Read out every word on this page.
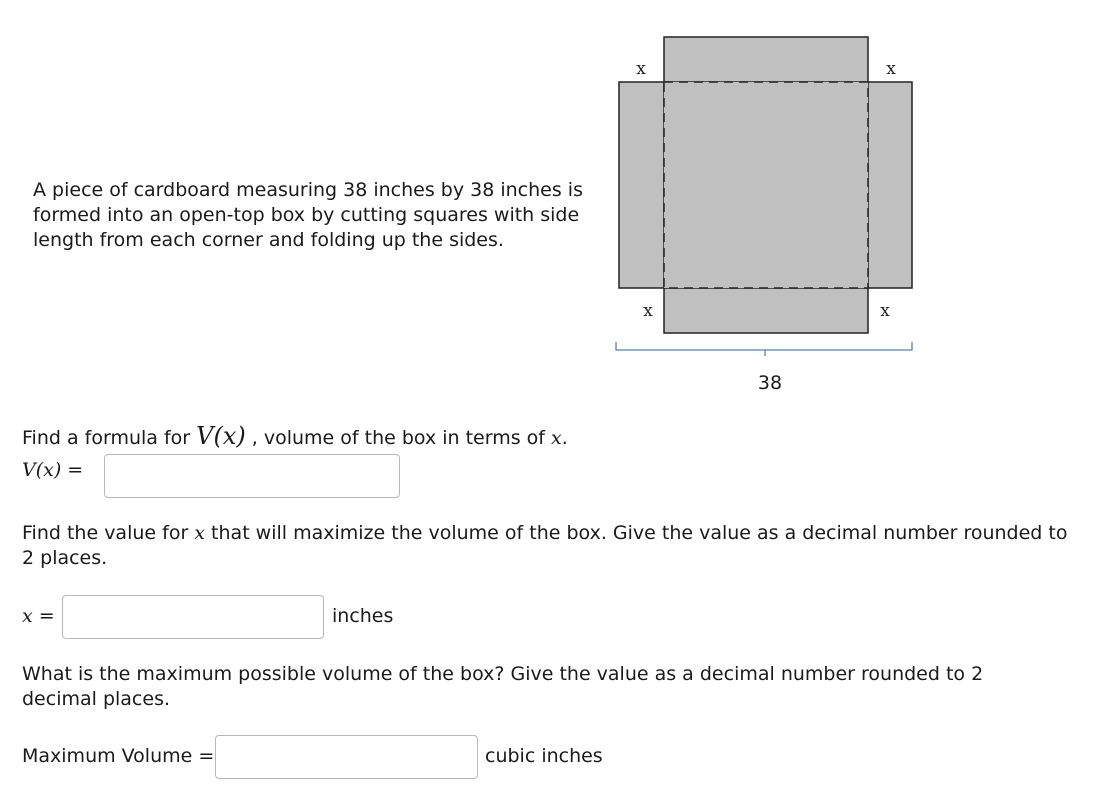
A piece of cardboard measuring 38 inches by 38 inches is formed into an open-top box by cutting squares with side length from each corner and folding up the sides.

x	x
x	x
38

Find a formula for V(x) , volume of the box in terms of x.

V(x) =

Find the value for x that will maximize the volume of the box. Give the value as a decimal number rounded to 2 places.

x =	inches

What is the maximum possible volume of the box? Give the value as a decimal number rounded to 2 decimal places.

Maximum Volume =	cubic inches
